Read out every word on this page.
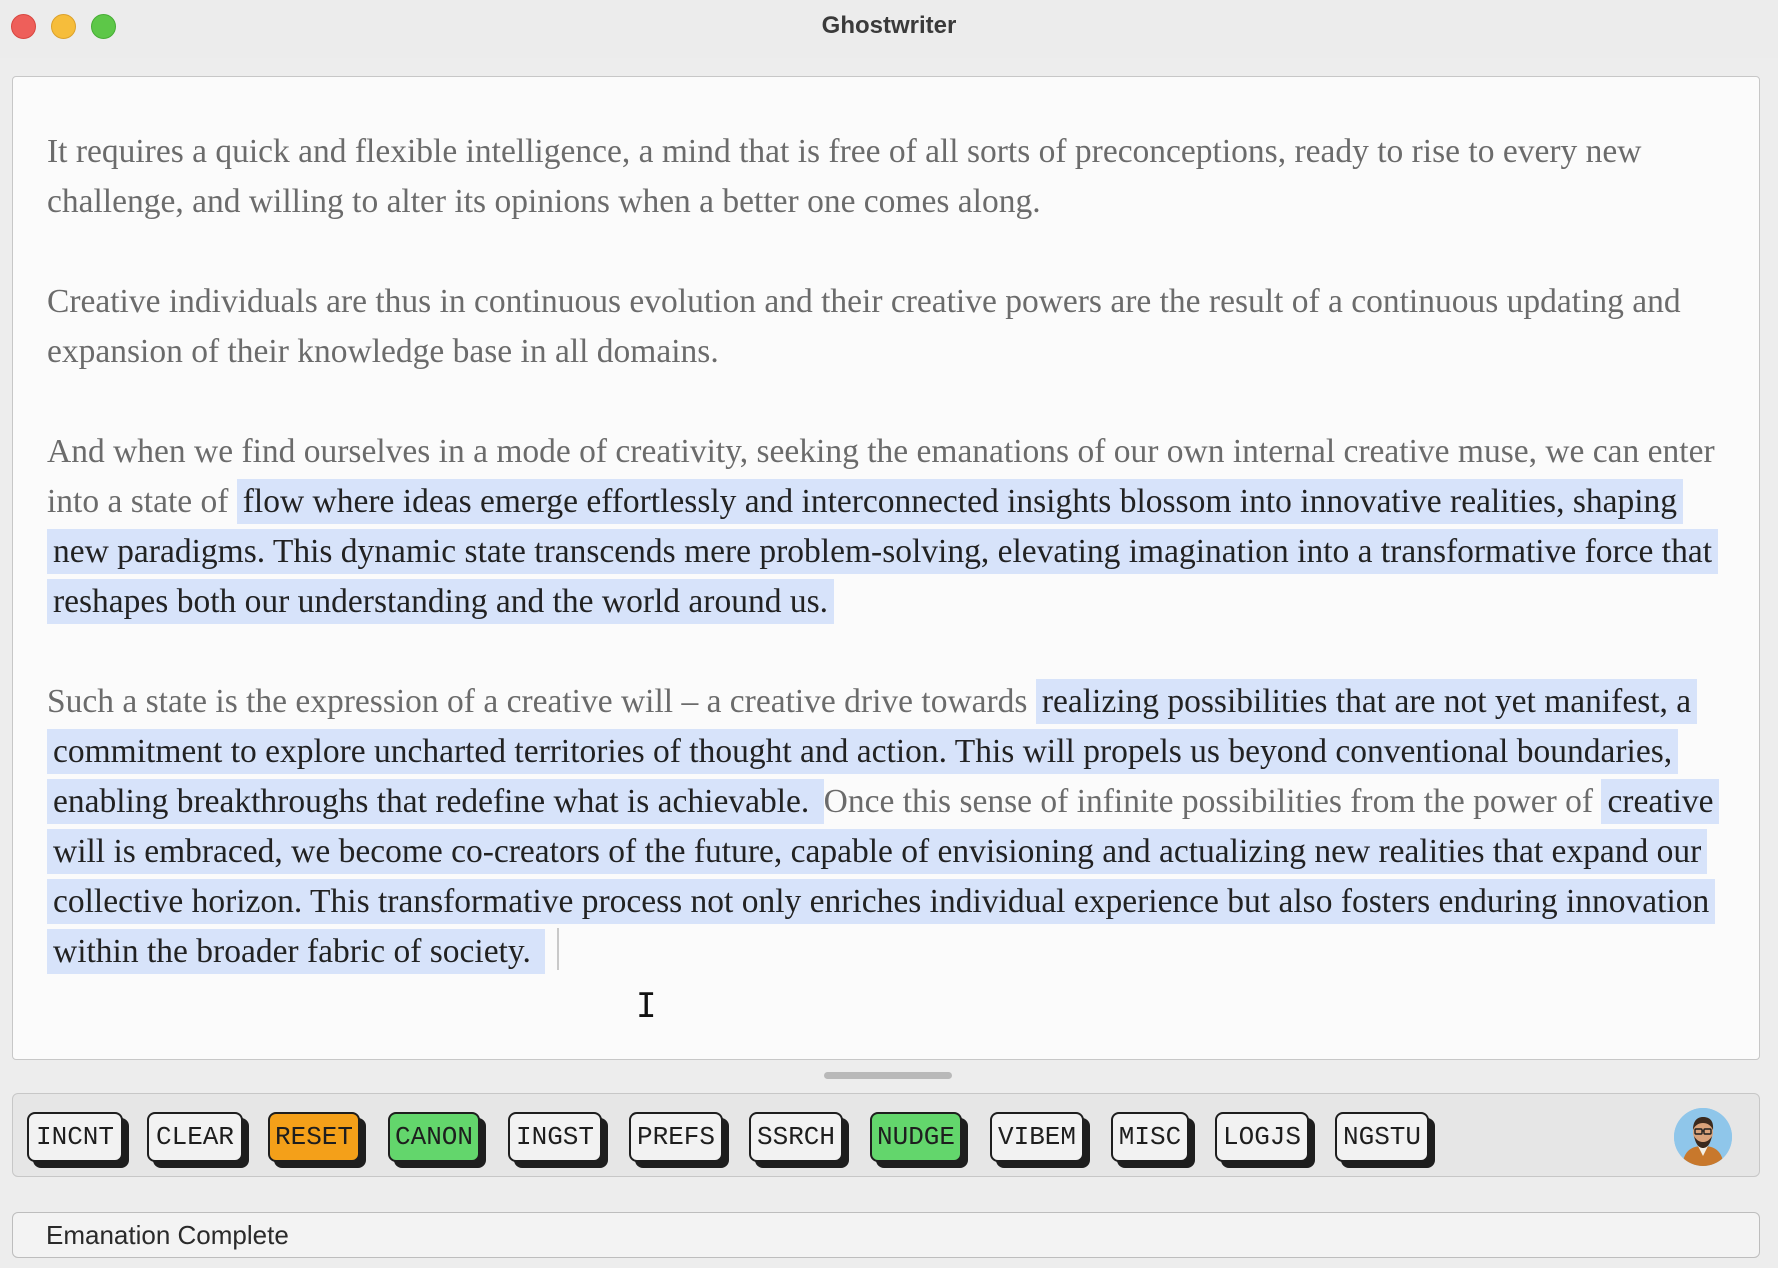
Ghostwriter

It requires a quick and flexible intelligence, a mind that is free of all sorts of preconceptions, ready to rise to every new challenge, and willing to alter its opinions when a better one comes along.

Creative individuals are thus in continuous evolution and their creative powers are the result of a continuous updating and expansion of their knowledge base in all domains.

And when we find ourselves in a mode of creativity, seeking the emanations of our own internal creative muse, we can enter into a state of flow where ideas emerge effortlessly and interconnected insights blossom into innovative realities, shaping new paradigms. This dynamic state transcends mere problem-solving, elevating imagination into a transformative force that reshapes both our understanding and the world around us.

Such a state is the expression of a creative will – a creative drive towards realizing possibilities that are not yet manifest, a commitment to explore uncharted territories of thought and action. This will propels us beyond conventional boundaries, enabling breakthroughs that redefine what is achievable. Once this sense of infinite possibilities from the power of creative will is embraced, we become co-creators of the future, capable of envisioning and actualizing new realities that expand our collective horizon. This transformative process not only enriches individual experience but also fosters enduring innovation within the broader fabric of society.

I
INCNT	CLEAR	RESET CANON	INGST	PREFS	SSRCH	NUDGE	VIBEM	MISC	LOGJS	NGSTU
Emanation Complete
